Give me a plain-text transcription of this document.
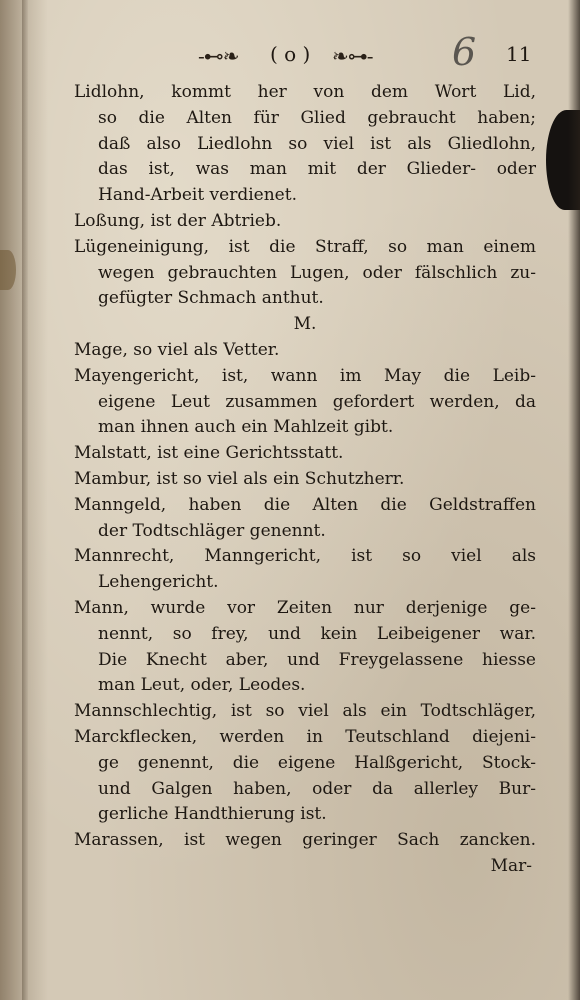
-⊷❧ ( o ) ❧⊶- 6 11
Lidlohn, kommt her von dem Wort Lid,
so die Alten für Glied gebraucht haben;
daß also Liedlohn so viel ist als Gliedlohn,
das ist, was man mit der Glieder- oder
Hand-Arbeit verdienet.
Loßung, ist der Abtrieb.
Lügeneinigung, ist die Straff, so man einem
wegen gebrauchten Lugen, oder fälschlich zu-
gefügter Schmach anthut.
M.
Mage, so viel als Vetter.
Mayengericht, ist, wann im May die Leib-
eigene Leut zusammen gefordert werden, da
man ihnen auch ein Mahlzeit gibt.
Malstatt, ist eine Gerichtsstatt.
Mambur, ist so viel als ein Schutzherr.
Manngeld, haben die Alten die Geldstraffen
der Todtschläger genennt.
Mannrecht, Manngericht, ist so viel als
Lehengericht.
Mann, wurde vor Zeiten nur derjenige ge-
nennt, so frey, und kein Leibeigener war.
Die Knecht aber, und Freygelassene hiesse
man Leut, oder, Leodes.
Mannschlechtig, ist so viel als ein Todtschläger,
Marckflecken, werden in Teutschland diejeni-
ge genennt, die eigene Halßgericht, Stock-
und Galgen haben, oder da allerley Bur-
gerliche Handthierung ist.
Marassen, ist wegen geringer Sach zancken.
Mar-
